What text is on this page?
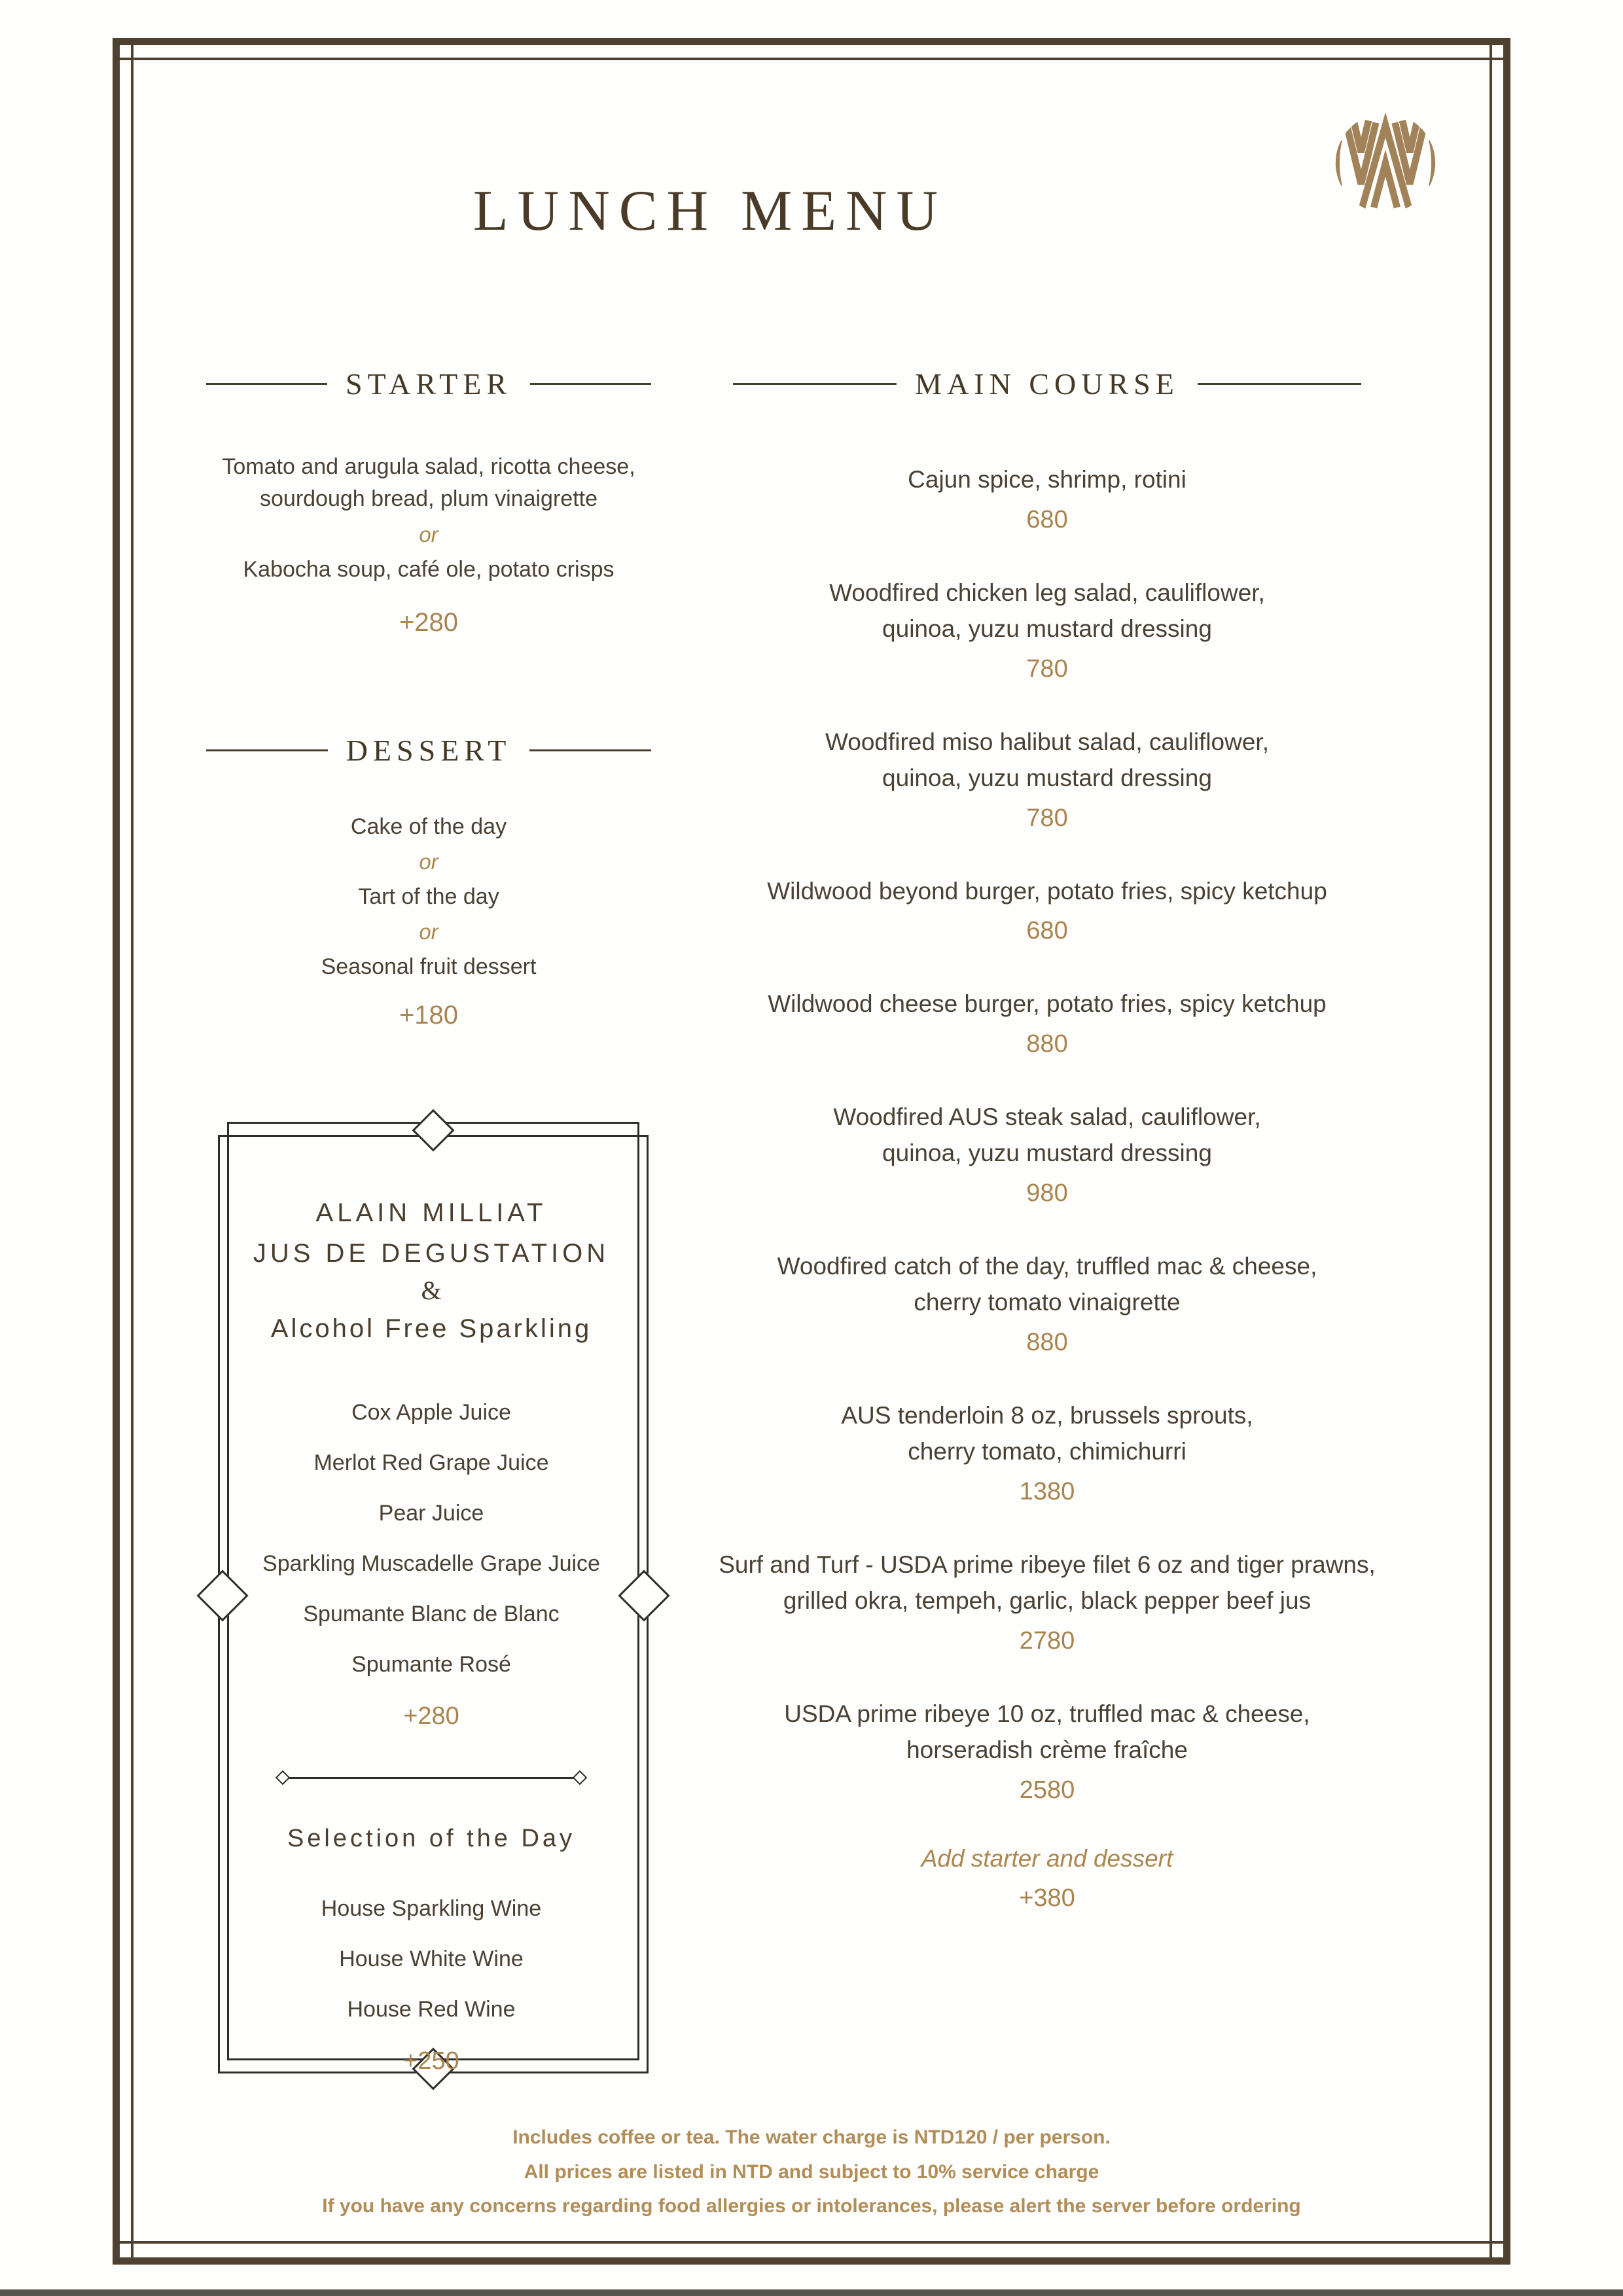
LUNCH MENU
STARTER
Tomato and arugula salad, ricotta cheese,
sourdough bread, plum vinaigrette
or
Kabocha soup, café ole, potato crisps
+280
DESSERT
Cake of the day
or
Tart of the day
or
Seasonal fruit dessert
+180
ALAIN MILLIAT
JUS DE DEGUSTATION
&
Alcohol Free Sparkling
Cox Apple Juice
Merlot Red Grape Juice
Pear Juice
Sparkling Muscadelle Grape Juice
Spumante Blanc de Blanc
Spumante Rosé
+280
Selection of the Day
House Sparkling Wine
House White Wine
House Red Wine
+250
MAIN COURSE
Cajun spice, shrimp, rotini
680
Woodfired chicken leg salad, cauliflower,
quinoa, yuzu mustard dressing
780
Woodfired miso halibut salad, cauliflower,
quinoa, yuzu mustard dressing
780
Wildwood beyond burger, potato fries, spicy ketchup
680
Wildwood cheese burger, potato fries, spicy ketchup
880
Woodfired AUS steak salad, cauliflower,
quinoa, yuzu mustard dressing
980
Woodfired catch of the day, truffled mac & cheese,
cherry tomato vinaigrette
880
AUS tenderloin 8 oz, brussels sprouts,
cherry tomato, chimichurri
1380
Surf and Turf - USDA prime ribeye filet 6 oz and tiger prawns,
grilled okra, tempeh, garlic, black pepper beef jus
2780
USDA prime ribeye 10 oz, truffled mac & cheese,
horseradish crème fraîche
2580
Add starter and dessert
+380
Includes coffee or tea. The water charge is NTD120 / per person.
All prices are listed in NTD and subject to 10% service charge
If you have any concerns regarding food allergies or intolerances, please alert the server before ordering
